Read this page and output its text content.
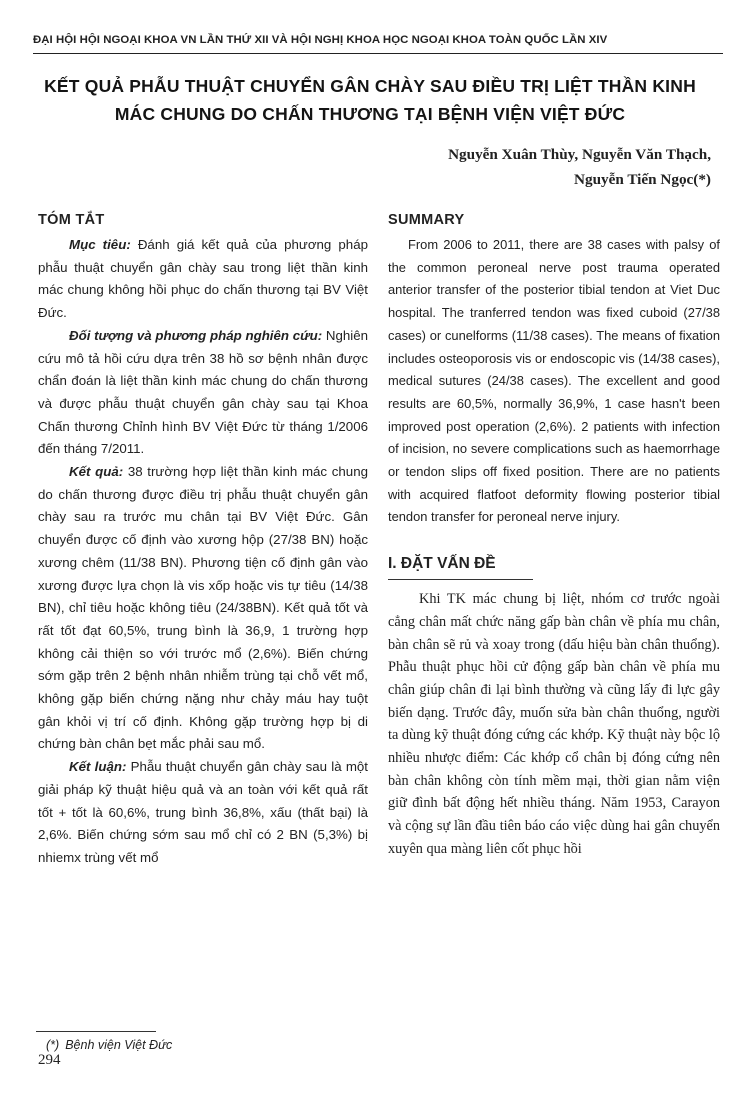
ĐẠI HỘI HỘI NGOẠI KHOA VN LẦN THỨ XII VÀ HỘI NGHỊ KHOA HỌC NGOẠI KHOA TOÀN QUỐC LẦN XIV
KẾT QUẢ PHẪU THUẬT CHUYỂN GÂN CHÀY SAU ĐIỀU TRỊ LIỆT THẦN KINH
MÁC CHUNG DO CHẤN THƯƠNG TẠI BỆNH VIỆN VIỆT ĐỨC
Nguyễn Xuân Thùy, Nguyễn Văn Thạch,
Nguyễn Tiến Ngọc(*)
TÓM TẮT

Mục tiêu: Đánh giá kết quả của phương pháp phẫu thuật chuyển gân chày sau trong liệt thần kinh mác chung không hồi phục do chấn thương tại BV Việt Đức.

Đối tượng và phương pháp nghiên cứu: Nghiên cứu mô tả hồi cứu dựa trên 38 hồ sơ bệnh nhân được chẩn đoán là liệt thần kinh mác chung do chấn thương và được phẫu thuật chuyển gân chày sau tại Khoa Chấn thương Chỉnh hình BV Việt Đức từ tháng 1/2006 đến tháng 7/2011.

Kết quả: 38 trường hợp liệt thần kinh mác chung do chấn thương được điều trị phẫu thuật chuyển gân chày sau ra trước mu chân tại BV Việt Đức. Gân chuyển được cố định vào xương hộp (27/38 BN) hoặc xương chêm (11/38 BN). Phương tiện cố định gân vào xương được lựa chọn là vis xốp hoặc vis tự tiêu (14/38 BN), chỉ tiêu hoặc không tiêu (24/38BN). Kết quả tốt và rất tốt đạt 60,5%, trung bình là 36,9, 1 trường hợp không cải thiện so với trước mổ (2,6%). Biến chứng sớm gặp trên 2 bệnh nhân nhiễm trùng tại chỗ vết mổ, không gặp biến chứng nặng như chảy máu hay tuột gân khỏi vị trí cố định. Không gặp trường hợp bị di chứng bàn chân bẹt mắc phải sau mổ.

Kết luận: Phẫu thuật chuyển gân chày sau là một giải pháp kỹ thuật hiệu quả và an toàn với kết quả rất tốt + tốt là 60,6%, trung bình 36,8%, xấu (thất bại) là 2,6%. Biến chứng sớm sau mổ chỉ có 2 BN (5,3%) bị nhiemx trùng vết mổ

SUMMARY

From 2006 to 2011, there are 38 cases with palsy of the common peroneal nerve post trauma operated anterior transfer of the posterior tibial tendon at Viet Duc hospital. The tranferred tendon was fixed cuboid (27/38 cases) or cunelforms (11/38 cases). The means of fixation includes osteoporosis vis or endoscopic vis (14/38 cases), medical sutures (24/38 cases). The excellent and good results are 60,5%, normally 36,9%, 1 case hasn't been improved post operation (2,6%). 2 patients with infection of incision, no severe complications such as haemorrhage or tendon slips off fixed position. There are no patients with acquired flatfoot deformity flowing posterior tibial tendon transfer for peroneal nerve injury.

I. ĐẶT VẤN ĐỀ

Khi TK mác chung bị liệt, nhóm cơ trước ngoài cẳng chân mất chức năng gấp bàn chân về phía mu chân, bàn chân sẽ rủ và xoay trong (dấu hiệu bàn chân thuổng). Phẫu thuật phục hồi cử động gấp bàn chân về phía mu chân giúp chân đi lại bình thường và cũng lấy đi lực gây biến dạng. Trước đây, muốn sửa bàn chân thuổng, người ta dùng kỹ thuật đóng cứng các khớp. Kỹ thuật này bộc lộ nhiều nhược điểm: Các khớp cổ chân bị đóng cứng nên bàn chân không còn tính mềm mại, thời gian nằm viện giữ đình bất động hết nhiều tháng. Năm 1953, Carayon và cộng sự lần đầu tiên báo cáo việc dùng hai gân chuyển xuyên qua màng liên cốt phục hồi

(*) Bệnh viện Việt Đức
294
